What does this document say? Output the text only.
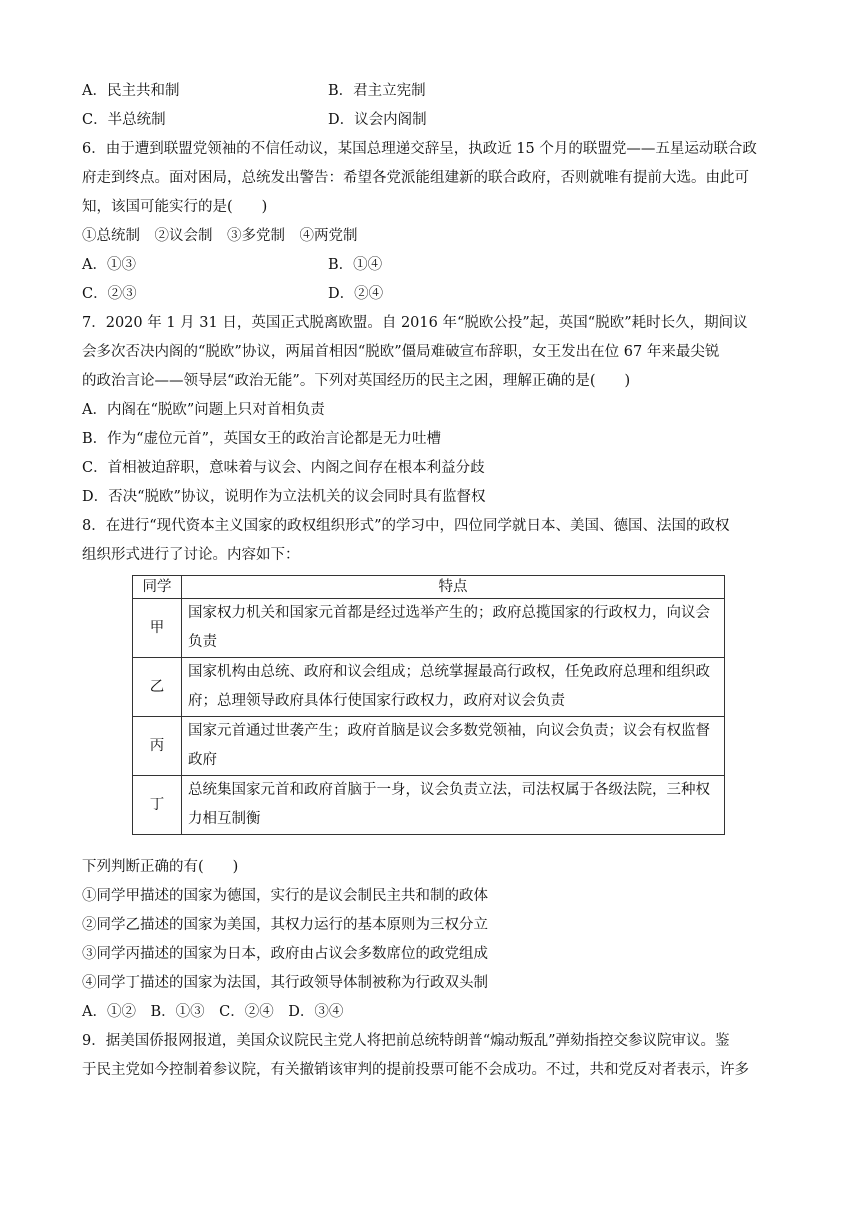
A．民主共和制	B．君主立宪制
C．半总统制	D．议会内阁制
6．由于遭到联盟党领袖的不信任动议，某国总理递交辞呈，执政近 15 个月的联盟党——五星运动联合政
府走到终点。面对困局，总统发出警告：希望各党派能组建新的联合政府，否则就唯有提前大选。由此可
知，该国可能实行的是(　　)
①总统制　②议会制　③多党制　④两党制
A．①③	B．①④
C．②③	D．②④
7．2020 年 1 月 31 日，英国正式脱离欧盟。自 2016 年“脱欧公投”起，英国“脱欧”耗时长久，期间议
会多次否决内阁的“脱欧”协议，两届首相因“脱欧”僵局难破宣布辞职，女王发出在位 67 年来最尖锐
的政治言论——领导层“政治无能”。下列对英国经历的民主之困，理解正确的是(　　)
A．内阁在“脱欧”问题上只对首相负责
B．作为“虚位元首”，英国女王的政治言论都是无力吐槽
C．首相被迫辞职，意味着与议会、内阁之间存在根本利益分歧
D．否决“脱欧”协议，说明作为立法机关的议会同时具有监督权
8．在进行“现代资本主义国家的政权组织形式”的学习中，四位同学就日本、美国、德国、法国的政权
组织形式进行了讨论。内容如下：
同学	特点
甲	国家权力机关和国家元首都是经过选举产生的；政府总揽国家的行政权力，向议会负责
乙	国家机构由总统、政府和议会组成；总统掌握最高行政权，任免政府总理和组织政府；总理领导政府具体行使国家行政权力，政府对议会负责
丙	国家元首通过世袭产生；政府首脑是议会多数党领袖，向议会负责；议会有权监督政府
丁	总统集国家元首和政府首脑于一身，议会负责立法，司法权属于各级法院，三种权力相互制衡
下列判断正确的有(　　)
①同学甲描述的国家为德国，实行的是议会制民主共和制的政体
②同学乙描述的国家为美国，其权力运行的基本原则为三权分立
③同学丙描述的国家为日本，政府由占议会多数席位的政党组成
④同学丁描述的国家为法国，其行政领导体制被称为行政双头制
A．①②　B．①③　C．②④　D．③④
9．据美国侨报网报道，美国众议院民主党人将把前总统特朗普“煽动叛乱”弹劾指控交参议院审议。鉴
于民主党如今控制着参议院，有关撤销该审判的提前投票可能不会成功。不过，共和党反对者表示，许多
